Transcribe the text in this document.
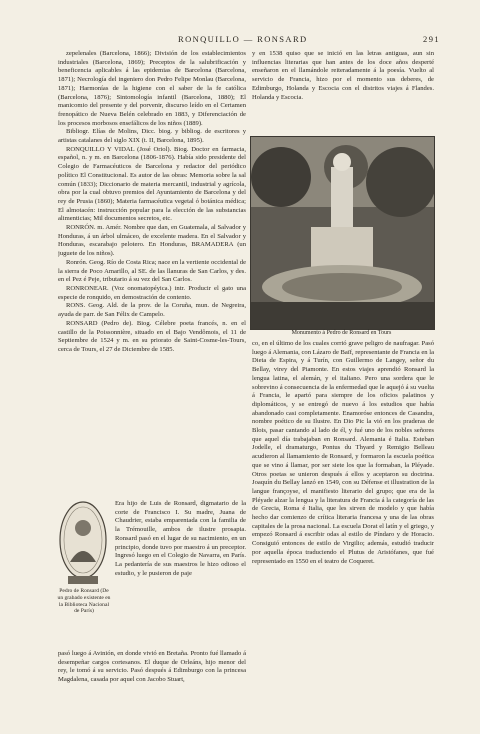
RONQUILLO — RONSARD	291

zepelenales (Barcelona, 1866); División de los establecimientos industriales (Barcelona, 1869); Preceptos de la salubrificación y beneficencia aplicables á las epidemias de Barcelona (Barcelona, 1871); Necrología del ingeniero don Pedro Felipe Monlau (Barcelona, 1871); Harmonías de la higiene con el saber de la fe católica (Barcelona, 1876); Sintomología infantil (Barcelona, 1880); El manicomio del presente y del porvenir, discurso leído en el Certamen frenopático de Nueva Belén celebrado en 1883, y Diferenciación de los procesos morbosos ensefálicos de los niños (1889).

Bibliogr. Elías de Molins, Dicc. biog. y bibliog. de escritores y artistas catalanes del siglo XIX (t. II, Barcelona, 1895).

RONQUILLO Y VIDAL (José Oriol). Biog. Doctor en farmacia, español, n. y m. en Barcelona (1806-1876). Había sido presidente del Colegio de Farmacéuticos de Barcelona y redactor del periódico político El Constitucional. Es autor de las obras: Memoria sobre la sal común (1833); Diccionario de materia mercantil, industrial y agrícola, obra por la cual obtuvo premios del Ayuntamiento de Barcelona y del rey de Prusia (1860); Materia farmacéutica vegetal ó botánica médica; El almotacén: instrucción popular para la elección de las substancias alimenticias; Mil documentos secretos, etc.

RONRÓN. m. Amér. Nombre que dan, en Guatemala, al Salvador y Honduras, á un árbol ulmáceo, de excelente madera. En el Salvador y Honduras, escarabajo pelotero. En Honduras, BRAMADERA (un juguete de los niños).

Ronrón. Geog. Río de Costa Rica; nace en la vertiente occidental de la sierra de Poco Amarillo, al SE. de las llanuras de San Carlos, y des. en el Pez é Peje, tributario á su vez del San Carlos.

RONRONEAR. (Voz onomatopéyica.) intr. Producir el gato una especie de ronquido, en demostración de contento.

RONS. Geog. Ald. de la prov. de la Coruña, mun. de Negreira, ayuda de parr. de San Félix de Campelo.

RONSARD (Pedro de). Biog. Célebre poeta francés, n. en el castillo de la Poissonnière, situado en el Bajo Vendômois, el 11 de Septiembre de 1524 y m. en su priorato de Saint-Cosme-les-Tours, cerca de Tours, el 27 de Diciembre de 1585.

Pedro de Ronsard (De un grabado existente en la Biblioteca Nacional de París)
Era hijo de Luis de Ronsard, digmatario de la corte de Francisco I. Su madre, Juana de Chaudrier, estaba emparentada con la familia de la Trémouille, ambos de ilustre prosapia. Ronsard pasó en el lugar de su nacimiento, en un principio, donde tuvo por maestro á un preceptor. Ingresó luego en el Colegio de Navarra, en París. La pedantería de sus maestros le hizo odioso el estudio, y le pusieron de paje
pasó luego á Avinión, en donde vivió en Bretaña. Pronto fué llamado á desempeñar cargos cortesanos. El duque de Orleáns, hijo menor del rey, le tomó á su servicio. Pasó después á Edimburgo con la princesa Magdalena, casada por aquel con Jacobo Stuart,
y en 1538 quiso que se inició en las letras antiguas, aun sin influencias literarias que han antes de los doce años desperté enseñaron en el llamándole reiteradamente á la poesía. Vuelto al servicio de Francia, hizo por el momento sus deberes, de Edimburgo, Holanda y Escocia con el distritos viajes á Flandes. Holanda y Escocia.
Monumento á Pedro de Ronsard en Tours
co, en el último de los cuales corrió grave peligro de naufragar. Pasó luego á Alemania, con Lázaro de Baïf, representante de Francia en la Dieta de Espira, y á Turín, con Guillermo de Langey, señor du Bellay, virey del Piamonte. En estos viajes aprendió Ronsard la lengua latina, el alemán, y el italiano. Pero una sordera que le sobrevino á consecuencia de la enfermedad que le aquejó á su vuelta á Francia, le apartó para siempre de los oficios palatinos y diplomáticos, y se entregó de nuevo á los estudios que había abandonado casi completamente. Enamoróse entonces de Casandra, nombre poético de su Ilustre. En Dio Pic la vió en los praderas de Blois, pasar cantando al lado de él, y fué uno de los nobles señores que aquel día trabajaban en Ronsard. Alemania é Italia. Esteban Jodelle, el dramaturgo, Pontus du Thyard y Remigio Belleau acudieron al llamamiento de Ronsard, y formaron la escuela poética que se vino á llamar, por ser siete los que la formaban, la Pléyade. Otros poetas se unieron después á ellos y aceptaron su doctrina. Joaquín du Bellay lanzó en 1549, con su Défense et illustration de la langue françoyse, el manifiesto literario del grupo; que era de la Pléyade alzar la lengua y la literatura de Francia á la categoría de las de Grecia, Roma é Italia, que les sirven de modelo y que había hecho dar comienzo de crítica literaria francesa y una de las obras capitales de la prosa nacional. La escuela Dorat el latín y el griego, y empezó Ronsard á escribir odas al estilo de Píndaro y de Horacio. Consiguió entonces de estilo de Virgilio; además, estudió traducir por aquella época traduciendo el Plutus de Aristófanes, que fué representado en 1550 en el teatro de Coqueret.
